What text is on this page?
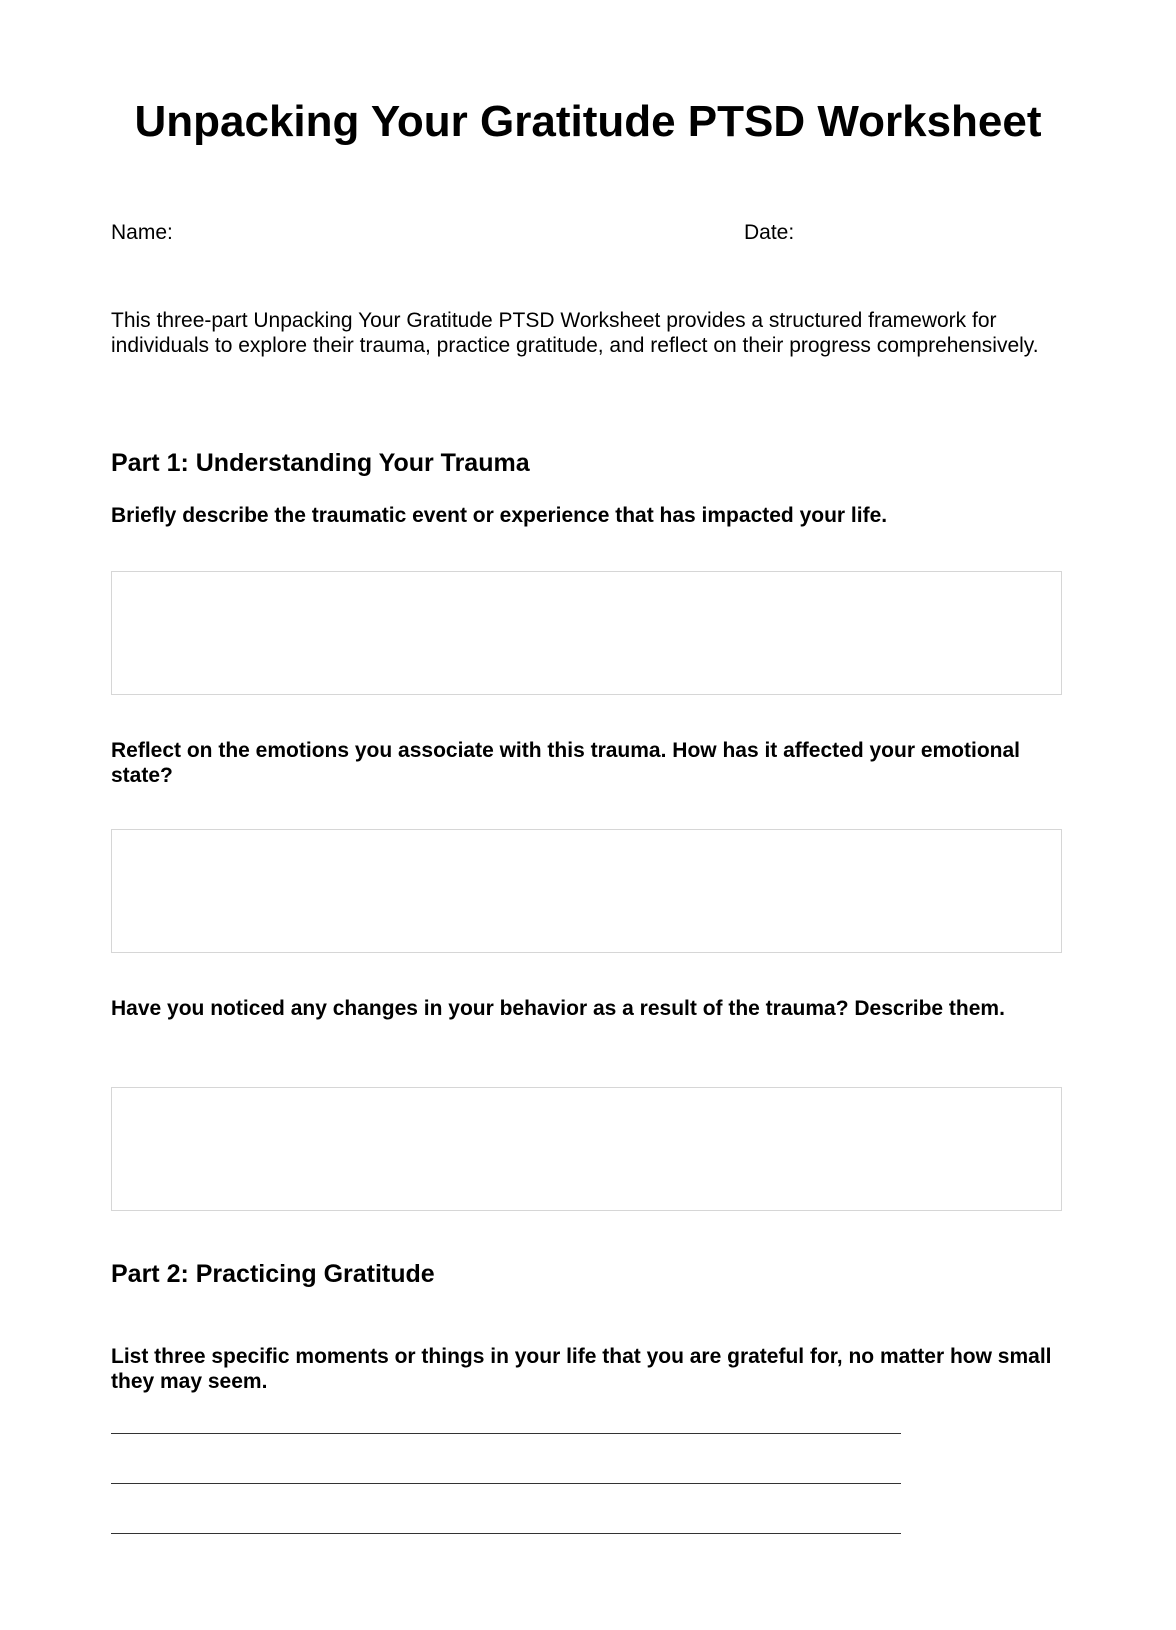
Unpacking Your Gratitude PTSD Worksheet
Name:	Date:

This three-part Unpacking Your Gratitude PTSD Worksheet provides a structured framework for individuals to explore their trauma, practice gratitude, and reflect on their progress comprehensively.

Part 1: Understanding Your Trauma

Briefly describe the traumatic event or experience that has impacted your life.

Reflect on the emotions you associate with this trauma. How has it affected your emotional state?

Have you noticed any changes in your behavior as a result of the trauma? Describe them.

Part 2: Practicing Gratitude

List three specific moments or things in your life that you are grateful for, no matter how small they may seem.
